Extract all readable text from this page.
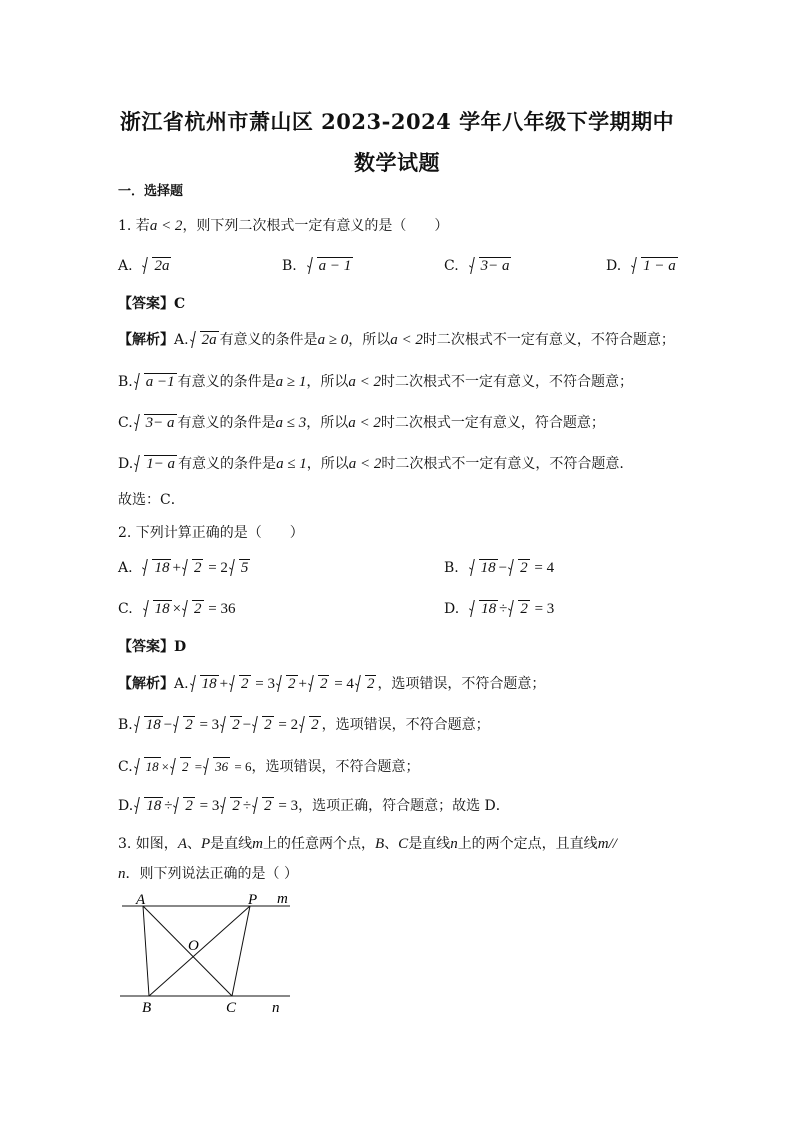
浙江省杭州市萧山区 2023-2024 学年八年级下学期期中
数学试题
一．选择题
1. 若a < 2，则下列二次根式一定有意义的是（　　）
A. 2a	B. a − 1	C. 3− a	D. 1 − a
【答案】C
【解析】A. 2a 有意义的条件是a ≥ 0，所以a < 2时二次根式不一定有意义，不符合题意；
B. a −1 有意义的条件是a ≥ 1，所以a < 2时二次根式不一定有意义，不符合题意；
C. 3− a 有意义的条件是a ≤ 3，所以a < 2时二次根式一定有意义，符合题意；
D. 1− a 有意义的条件是a ≤ 1，所以a < 2时二次根式不一定有意义，不符合题意.
故选：C．
2. 下列计算正确的是（　　）
A. 18 + 2 = 2 5	B. 18 − 2 = 4
C. 18 × 2 = 36	D. 18 ÷ 2 = 3
【答案】D
【解析】A. 18 + 2 = 3 2 + 2 = 4 2 ，选项错误，不符合题意；
B. 18 − 2 = 3 2 − 2 = 2 2 ，选项错误，不符合题意；
C. 18 × 2 = 36 = 6，选项错误，不符合题意；
D. 18 ÷ 2 = 3 2 ÷ 2 = 3，选项正确，符合题意；故选 D．
3. 如图，A、P是直线m上的任意两个点，B、C是直线n上的两个定点，且直线m//
n．则下列说法正确的是（ ）
A	P m
O
B	C n
